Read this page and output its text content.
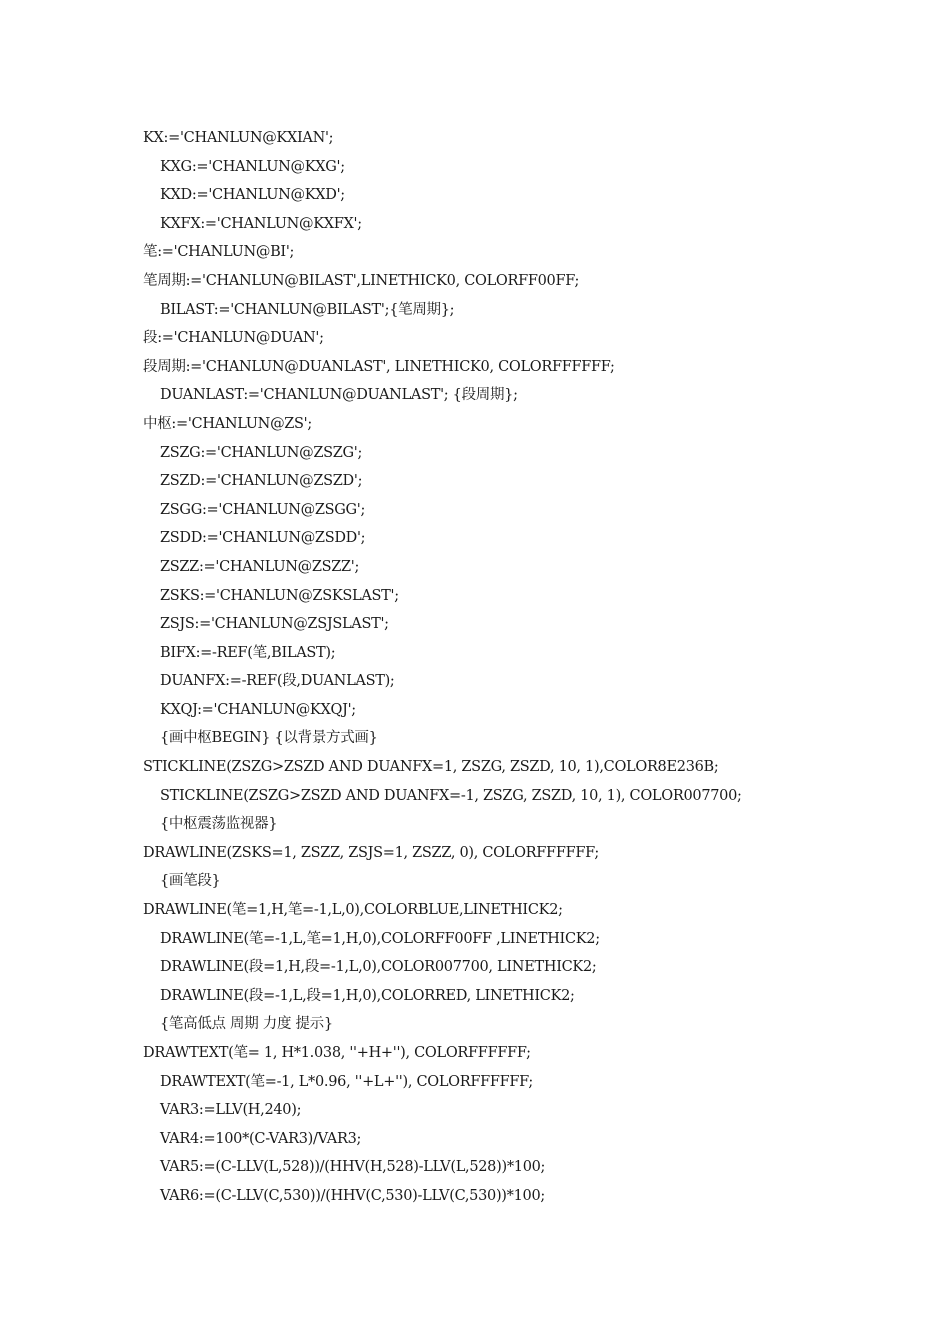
KX:='CHANLUN@KXIAN';
KXG:='CHANLUN@KXG';
KXD:='CHANLUN@KXD';
KXFX:='CHANLUN@KXFX';
笔:='CHANLUN@BI';
笔周期:='CHANLUN@BILAST',LINETHICK0, COLORFF00FF;
BILAST:='CHANLUN@BILAST';{笔周期};
段:='CHANLUN@DUAN';
段周期:='CHANLUN@DUANLAST', LINETHICK0, COLORFFFFFF;
DUANLAST:='CHANLUN@DUANLAST'; {段周期};
中枢:='CHANLUN@ZS';
ZSZG:='CHANLUN@ZSZG';
ZSZD:='CHANLUN@ZSZD';
ZSGG:='CHANLUN@ZSGG';
ZSDD:='CHANLUN@ZSDD';
ZSZZ:='CHANLUN@ZSZZ';
ZSKS:='CHANLUN@ZSKSLAST';
ZSJS:='CHANLUN@ZSJSLAST';
BIFX:=-REF(笔,BILAST);
DUANFX:=-REF(段,DUANLAST);
KXQJ:='CHANLUN@KXQJ';
{画中枢BEGIN} {以背景方式画}
STICKLINE(ZSZG>ZSZD AND DUANFX=1, ZSZG, ZSZD, 10, 1),COLOR8E236B;
STICKLINE(ZSZG>ZSZD AND DUANFX=-1, ZSZG, ZSZD, 10, 1), COLOR007700;
{中枢震荡监视器}
DRAWLINE(ZSKS=1, ZSZZ, ZSJS=1, ZSZZ, 0), COLORFFFFFF;
{画笔段}
DRAWLINE(笔=1,H,笔=-1,L,0),COLORBLUE,LINETHICK2;
DRAWLINE(笔=-1,L,笔=1,H,0),COLORFF00FF ,LINETHICK2;
DRAWLINE(段=1,H,段=-1,L,0),COLOR007700, LINETHICK2;
DRAWLINE(段=-1,L,段=1,H,0),COLORRED, LINETHICK2;
{笔高低点 周期 力度 提示}
DRAWTEXT(笔= 1, H*1.038, ''+H+''), COLORFFFFFF;
DRAWTEXT(笔=-1, L*0.96, ''+L+''), COLORFFFFFF;
VAR3:=LLV(H,240);
VAR4:=100*(C-VAR3)/VAR3;
VAR5:=(C-LLV(L,528))/(HHV(H,528)-LLV(L,528))*100;
VAR6:=(C-LLV(C,530))/(HHV(C,530)-LLV(C,530))*100;
